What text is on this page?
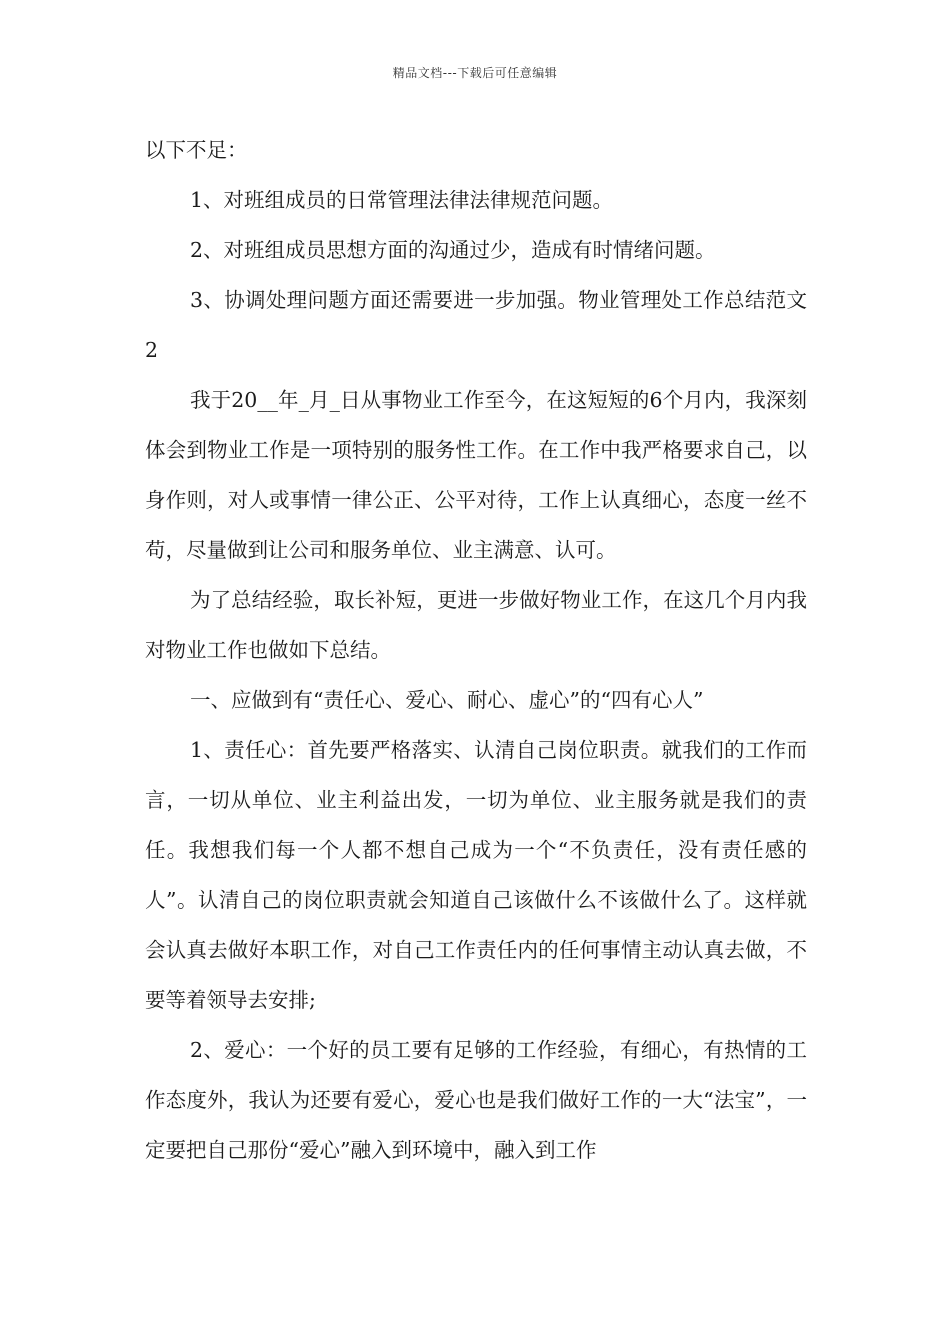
精品文档---下载后可任意编辑

以下不足：

1、对班组成员的日常管理法律法律规范问题。

2、对班组成员思想方面的沟通过少，造成有时情绪问题。

3、协调处理问题方面还需要进一步加强。物业管理处工作总结范文2

我于20__年_月_日从事物业工作至今，在这短短的6个月内，我深刻体会到物业工作是一项特别的服务性工作。在工作中我严格要求自己，以身作则，对人或事情一律公正、公平对待，工作上认真细心，态度一丝不苟，尽量做到让公司和服务单位、业主满意、认可。

为了总结经验，取长补短，更进一步做好物业工作，在这几个月内我对物业工作也做如下总结。

一、应做到有“责任心、爱心、耐心、虚心”的“四有心人”

1、责任心：首先要严格落实、认清自己岗位职责。就我们的工作而言，一切从单位、业主利益出发，一切为单位、业主服务就是我们的责任。我想我们每一个人都不想自己成为一个“不负责任，没有责任感的人”。认清自己的岗位职责就会知道自己该做什么不该做什么了。这样就会认真去做好本职工作，对自己工作责任内的任何事情主动认真去做，不要等着领导去安排;

2、爱心：一个好的员工要有足够的工作经验，有细心，有热情的工作态度外，我认为还要有爱心，爱心也是我们做好工作的一大“法宝”，一定要把自己那份“爱心”融入到环境中，融入到工作
